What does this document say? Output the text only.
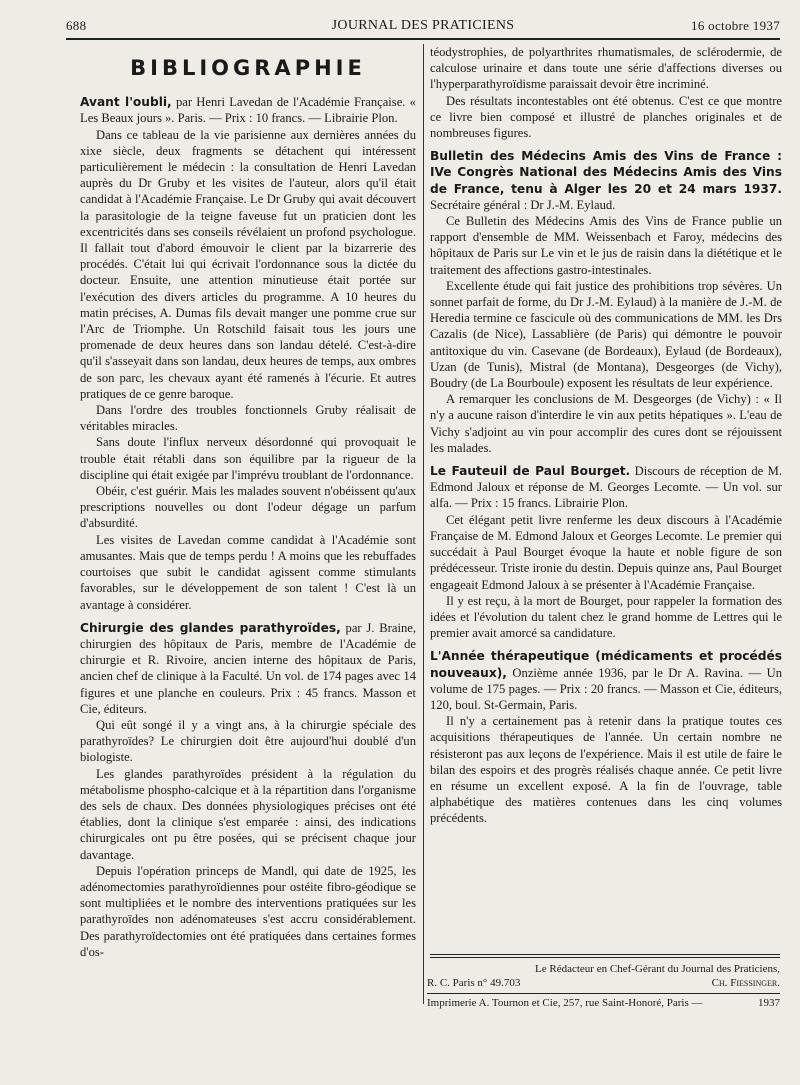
688	JOURNAL DES PRATICIENS	16 octobre 1937
BIBLIOGRAPHIE

Avant l'oubli, par Henri Lavedan de l'Académie Française. « Les Beaux jours ». Paris. — Prix : 10 francs. — Librairie Plon.

Dans ce tableau de la vie parisienne aux dernières années du xixe siècle, deux fragments se détachent qui intéressent particulièrement le médecin : la consultation de Henri Lavedan auprès du Dr Gruby et les visites de l'auteur, alors qu'il était candidat à l'Académie Française. Le Dr Gruby qui avait découvert la parasitologie de la teigne faveuse fut un praticien dont les excentricités dans ses conseils révélaient un profond psychologue. Il fallait tout d'abord émouvoir le client par la bizarrerie des procédés. C'était lui qui écrivait l'ordonnance sous la dictée du docteur. Ensuite, une attention minutieuse était portée sur l'exécution des divers articles du programme. A 10 heures du matin précises, A. Dumas fils devait manger une pomme crue sur l'Arc de Triomphe. Un Rotschild faisait tous les jours une promenade de deux heures dans son landau dételé. C'est-à-dire qu'il s'asseyait dans son landau, deux heures de temps, aux ombres de son parc, les chevaux ayant été ramenés à l'écurie. Et autres pratiques de ce genre baroque.

Dans l'ordre des troubles fonctionnels Gruby réalisait de véritables miracles.

Sans doute l'influx nerveux désordonné qui provoquait le trouble était rétabli dans son équilibre par la rigueur de la discipline qui était exigée par l'imprévu troublant de l'ordonnance.

Obéir, c'est guérir. Mais les malades souvent n'obéissent qu'aux prescriptions nouvelles ou dont l'odeur dégage un parfum d'absurdité.

Les visites de Lavedan comme candidat à l'Académie sont amusantes. Mais que de temps perdu ! A moins que les rebuffades courtoises que subit le candidat agissent comme stimulants favorables, sur le développement de son talent ! C'est là un avantage à considérer.

Chirurgie des glandes parathyroïdes, par J. Braine, chirurgien des hôpitaux de Paris, membre de l'Académie de chirurgie et R. Rivoire, ancien interne des hôpitaux de Paris, ancien chef de clinique à la Faculté. Un vol. de 174 pages avec 14 figures et une planche en couleurs. Prix : 45 francs. Masson et Cie, éditeurs.

Qui eût songé il y a vingt ans, à la chirurgie spéciale des parathyroïdes? Le chirurgien doit être aujourd'hui doublé d'un biologiste.

Les glandes parathyroïdes président à la régulation du métabolisme phospho-calcique et à la répartition dans l'organisme des sels de chaux. Des données physiologiques précises ont été établies, dont la clinique s'est emparée : ainsi, des indications chirurgicales ont pu être posées, qui se précisent chaque jour davantage.

Depuis l'opération princeps de Mandl, qui date de 1925, les adénomectomies parathyroïdiennes pour ostéite fibro-géodique se sont multipliées et le nombre des interventions pratiquées sur les parathyroïdes non adénomateuses s'est accru considérablement. Des parathyroïdectomies ont été pratiquées dans certaines formes d'os-

téodystrophies, de polyarthrites rhumatismales, de sclérodermie, de calculose urinaire et dans toute une série d'affections diverses ou l'hyperparathyroïdisme paraissait devoir être incriminé.

Des résultats incontestables ont été obtenus. C'est ce que montre ce livre bien composé et illustré de planches originales et de nombreuses figures.

Bulletin des Médecins Amis des Vins de France : IVe Congrès National des Médecins Amis des Vins de France, tenu à Alger les 20 et 24 mars 1937. Secrétaire général : Dr J.-M. Eylaud.

Ce Bulletin des Médecins Amis des Vins de France publie un rapport d'ensemble de MM. Weissenbach et Faroy, médecins des hôpitaux de Paris sur Le vin et le jus de raisin dans la diététique et le traitement des affections gastro-intestinales.

Excellente étude qui fait justice des prohibitions trop sévères. Un sonnet parfait de forme, du Dr J.-M. Eylaud) à la manière de J.-M. de Heredia termine ce fascicule où des communications de MM. les Drs Cazalis (de Nice), Lassablière (de Paris) qui démontre le pouvoir antitoxique du vin. Casevane (de Bordeaux), Eylaud (de Bordeaux), Uzan (de Tunis), Mistral (de Montana), Desgeorges (de Vichy), Boudry (de La Bourboule) exposent les résultats de leur expérience.

A remarquer les conclusions de M. Desgeorges (de Vichy) : « Il n'y a aucune raison d'interdire le vin aux petits hépatiques ». L'eau de Vichy s'adjoint au vin pour accomplir des cures dont se réjouissent les malades.

Le Fauteuil de Paul Bourget. Discours de réception de M. Edmond Jaloux et réponse de M. Georges Lecomte. — Un vol. sur alfa. — Prix : 15 francs. Librairie Plon.

Cet élégant petit livre renferme les deux discours à l'Académie Française de M. Edmond Jaloux et Georges Lecomte. Le premier qui succédait à Paul Bourget évoque la haute et noble figure de son prédécesseur. Triste ironie du destin. Depuis quinze ans, Paul Bourget engageait Edmond Jaloux à se présenter à l'Académie Française.

Il y est reçu, à la mort de Bourget, pour rappeler la formation des idées et l'évolution du talent chez le grand homme de Lettres qui le premier avait amorcé sa candidature.

L'Année thérapeutique (médicaments et procédés nouveaux), Onzième année 1936, par le Dr A. Ravina. — Un volume de 175 pages. — Prix : 20 francs. — Masson et Cie, éditeurs, 120, boul. St-Germain, Paris.

Il n'y a certainement pas à retenir dans la pratique toutes ces acquisitions thérapeutiques de l'année. Un certain nombre ne résisteront pas aux leçons de l'expérience. Mais il est utile de faire le bilan des espoirs et des progrès réalisés chaque année. Ce petit livre en résume un excellent exposé. A la fin de l'ouvrage, table alphabétique des matières contenues dans les cinq volumes précédents.

Le Rédacteur en Chef-Gérant du Journal des Praticiens,
R. C. Paris n° 49.703	Ch. Fiessinger.
Imprimerie A. Tournon et Cie, 257, rue Saint-Honoré, Paris —	1937
